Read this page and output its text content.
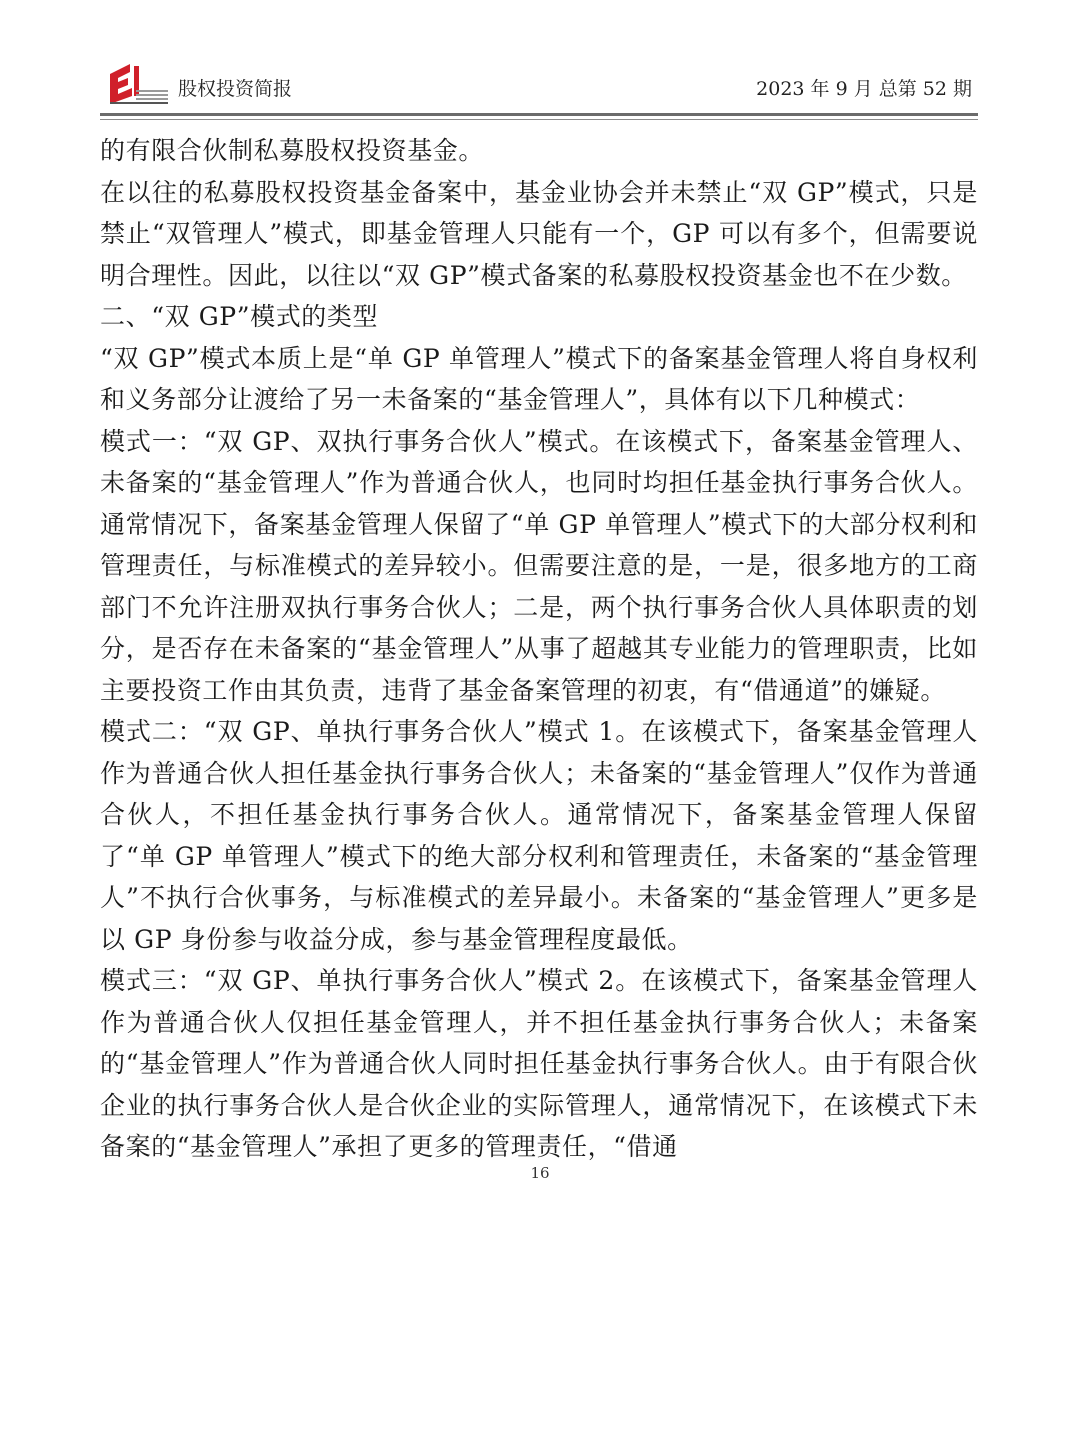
股权投资简报	2023 年 9 月 总第 52 期

的有限合伙制私募股权投资基金。

在以往的私募股权投资基金备案中，基金业协会并未禁止“双 GP”模式，只是禁止“双管理人”模式，即基金管理人只能有一个，GP 可以有多个，但需要说明合理性。因此，以往以“双 GP”模式备案的私募股权投资基金也不在少数。

二、“双 GP”模式的类型

“双 GP”模式本质上是“单 GP 单管理人”模式下的备案基金管理人将自身权利和义务部分让渡给了另一未备案的“基金管理人”，具体有以下几种模式：

模式一：“双 GP、双执行事务合伙人”模式。在该模式下，备案基金管理人、未备案的“基金管理人”作为普通合伙人，也同时均担任基金执行事务合伙人。通常情况下，备案基金管理人保留了“单 GP 单管理人”模式下的大部分权利和管理责任，与标准模式的差异较小。但需要注意的是，一是，很多地方的工商部门不允许注册双执行事务合伙人；二是，两个执行事务合伙人具体职责的划分，是否存在未备案的“基金管理人”从事了超越其专业能力的管理职责，比如主要投资工作由其负责，违背了基金备案管理的初衷，有“借通道”的嫌疑。

模式二：“双 GP、单执行事务合伙人”模式 1。在该模式下，备案基金管理人作为普通合伙人担任基金执行事务合伙人；未备案的“基金管理人”仅作为普通合伙人，不担任基金执行事务合伙人。通常情况下，备案基金管理人保留了“单 GP 单管理人”模式下的绝大部分权利和管理责任，未备案的“基金管理人”不执行合伙事务，与标准模式的差异最小。未备案的“基金管理人”更多是以 GP 身份参与收益分成，参与基金管理程度最低。

模式三：“双 GP、单执行事务合伙人”模式 2。在该模式下，备案基金管理人作为普通合伙人仅担任基金管理人，并不担任基金执行事务合伙人；未备案的“基金管理人”作为普通合伙人同时担任基金执行事务合伙人。由于有限合伙企业的执行事务合伙人是合伙企业的实际管理人，通常情况下，在该模式下未备案的“基金管理人”承担了更多的管理责任，“借通

16
